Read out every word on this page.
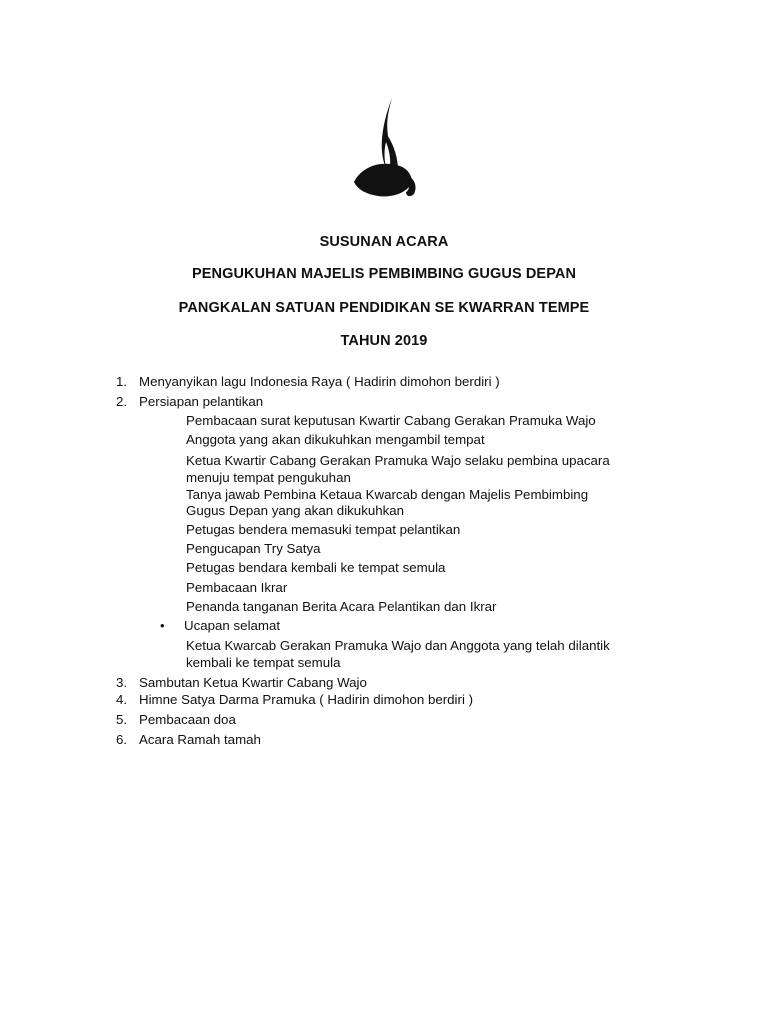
SUSUNAN ACARA
PENGUKUHAN MAJELIS PEMBIMBING GUGUS DEPAN
PANGKALAN SATUAN PENDIDIKAN SE KWARRAN TEMPE
TAHUN 2019
1. Menyanyikan lagu Indonesia Raya ( Hadirin dimohon berdiri )
2. Persiapan pelantikan
Pembacaan surat keputusan Kwartir Cabang Gerakan Pramuka Wajo
Anggota yang akan dikukuhkan mengambil tempat
Ketua Kwartir Cabang Gerakan Pramuka Wajo selaku pembina upacara
menuju tempat pengukuhan
Tanya jawab Pembina Ketaua Kwarcab dengan Majelis Pembimbing
Gugus Depan yang akan dikukuhkan
Petugas bendera memasuki tempat pelantikan
Pengucapan Try Satya
Petugas bendara kembali ke tempat semula
Pembacaan Ikrar
Penanda tanganan Berita Acara Pelantikan dan Ikrar
• Ucapan selamat
Ketua Kwarcab Gerakan Pramuka Wajo dan Anggota yang telah dilantik
kembali ke tempat semula
3. Sambutan Ketua Kwartir Cabang Wajo
4. Himne Satya Darma Pramuka ( Hadirin dimohon berdiri )
5. Pembacaan doa
6. Acara Ramah tamah
